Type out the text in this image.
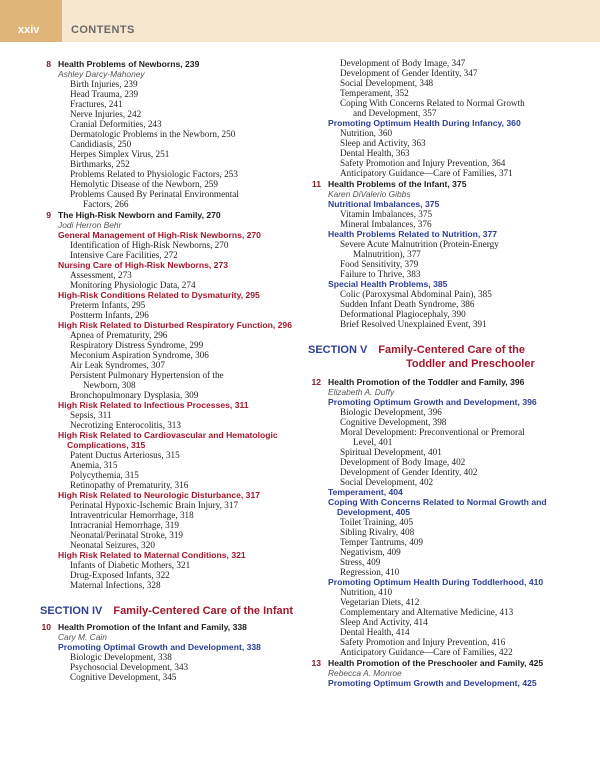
xxiv	CONTENTS
8 Health Problems of Newborns, 239
Ashley Darcy-Mahoney
Birth Injuries, 239
Head Trauma, 239
Fractures, 241
Nerve Injuries, 242
Cranial Deformities, 243
Dermatologic Problems in the Newborn, 250
Candidiasis, 250
Herpes Simplex Virus, 251
Birthmarks, 252
Problems Related to Physiologic Factors, 253
Hemolytic Disease of the Newborn, 259
Problems Caused By Perinatal Environmental
Factors, 266
9 The High-Risk Newborn and Family, 270
Jodi Herron Behr
General Management of High-Risk Newborns, 270
Identification of High-Risk Newborns, 270
Intensive Care Facilities, 272
Nursing Care of High-Risk Newborns, 273
Assessment, 273
Monitoring Physiologic Data, 274
High-Risk Conditions Related to Dysmaturity, 295
Preterm Infants, 295
Postterm Infants, 296
High Risk Related to Disturbed Respiratory Function, 296
Apnea of Prematurity, 296
Respiratory Distress Syndrome, 299
Meconium Aspiration Syndrome, 306
Air Leak Syndromes, 307
Persistent Pulmonary Hypertension of the
Newborn, 308
Bronchopulmonary Dysplasia, 309
High Risk Related to Infectious Processes, 311
Sepsis, 311
Necrotizing Enterocolitis, 313
High Risk Related to Cardiovascular and Hematologic
Complications, 315
Patent Ductus Arteriosus, 315
Anemia, 315
Polycythemia, 315
Retinopathy of Prematurity, 316
High Risk Related to Neurologic Disturbance, 317
Perinatal Hypoxic-Ischemic Brain Injury, 317
Intraventricular Hemorrhage, 318
Intracranial Hemorrhage, 319
Neonatal/Perinatal Stroke, 319
Neonatal Seizures, 320
High Risk Related to Maternal Conditions, 321
Infants of Diabetic Mothers, 321
Drug-Exposed Infants, 322
Maternal Infections, 328
SECTION IV   Family-Centered Care of the Infant
10 Health Promotion of the Infant and Family, 338
Cary M. Cain
Promoting Optimal Growth and Development, 338
Biologic Development, 338
Psychosocial Development, 343
Cognitive Development, 345
Development of Body Image, 347
Development of Gender Identity, 347
Social Development, 348
Temperament, 352
Coping With Concerns Related to Normal Growth
and Development, 357
Promoting Optimum Health During Infancy, 360
Nutrition, 360
Sleep and Activity, 363
Dental Health, 363
Safety Promotion and Injury Prevention, 364
Anticipatory Guidance—Care of Families, 371
11 Health Problems of the Infant, 375
Karen DiValerio Gibbs
Nutritional Imbalances, 375
Vitamin Imbalances, 375
Mineral Imbalances, 376
Health Problems Related to Nutrition, 377
Severe Acute Malnutrition (Protein-Energy
Malnutrition), 377
Food Sensitivity, 379
Failure to Thrive, 383
Special Health Problems, 385
Colic (Paroxysmal Abdominal Pain), 385
Sudden Infant Death Syndrome, 386
Deformational Plagiocephaly, 390
Brief Resolved Unexplained Event, 391
SECTION V   Family-Centered Care of the
Toddler and Preschooler
12 Health Promotion of the Toddler and Family, 396
Elizabeth A. Duffy
Promoting Optimum Growth and Development, 396
Biologic Development, 396
Cognitive Development, 398
Moral Development: Preconventional or Premoral
Level, 401
Spiritual Development, 401
Development of Body Image, 402
Development of Gender Identity, 402
Social Development, 402
Temperament, 404
Coping With Concerns Related to Normal Growth and
Development, 405
Toilet Training, 405
Sibling Rivalry, 408
Temper Tantrums, 409
Negativism, 409
Stress, 409
Regression, 410
Promoting Optimum Health During Toddlerhood, 410
Nutrition, 410
Vegetarian Diets, 412
Complementary and Alternative Medicine, 413
Sleep And Activity, 414
Dental Health, 414
Safety Promotion and Injury Prevention, 416
Anticipatory Guidance—Care of Families, 422
13 Health Promotion of the Preschooler and Family, 425
Rebecca A. Monroe
Promoting Optimum Growth and Development, 425
